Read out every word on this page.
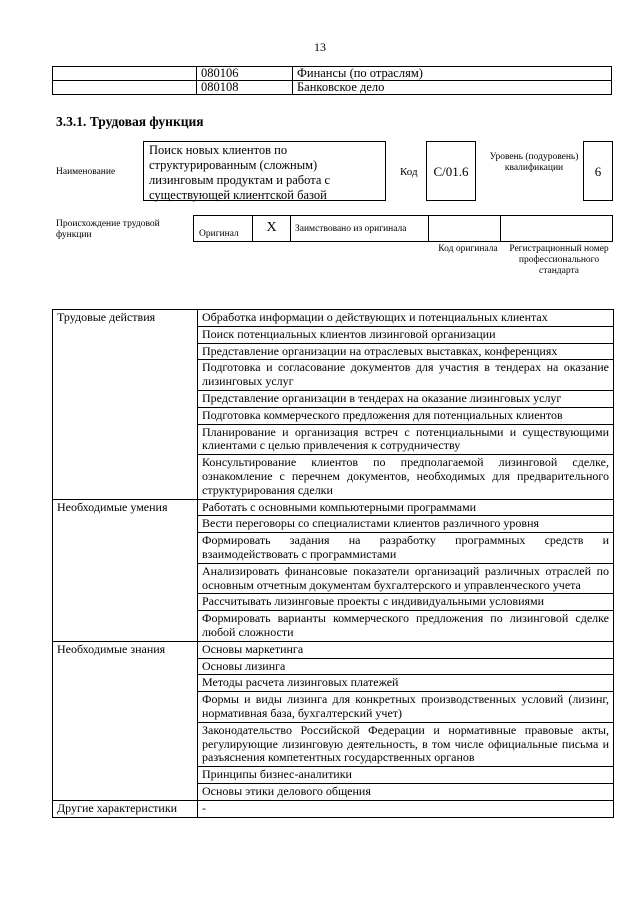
13
	080106	Финансы (по отраслям)
	080108	Банковское дело
3.3.1. Трудовая функция
Наименование
Поиск новых клиентов по структурированным (сложным) лизинговым продуктам и работа с существующей клиентской базой
Код	C/01.6
Уровень (подуровень) квалификации	6
Происхождение трудовой функции	Оригинал	X	Заимствовано из оригинала
Код оригинала	Регистрационный номер профессионального стандарта
Трудовые действия	Обработка информации о действующих и потенциальных клиентах
	Поиск потенциальных клиентов лизинговой организации
	Представление организации на отраслевых выставках, конференциях
	Подготовка и согласование документов для участия в тендерах на оказание лизинговых услуг
	Представление организации в тендерах на оказание лизинговых услуг
	Подготовка коммерческого предложения для потенциальных клиентов
	Планирование и организация встреч с потенциальными и существующими клиентами с целью привлечения к сотрудничеству
	Консультирование клиентов по предполагаемой лизинговой сделке, ознакомление с перечнем документов, необходимых для предварительного структурирования сделки
Необходимые умения	Работать с основными компьютерными программами
	Вести переговоры со специалистами клиентов различного уровня
	Формировать задания на разработку программных средств и взаимодействовать с программистами
	Анализировать финансовые показатели организаций различных отраслей по основным отчетным документам бухгалтерского и управленческого учета
	Рассчитывать лизинговые проекты с индивидуальными условиями
	Формировать варианты коммерческого предложения по лизинговой сделке любой сложности
Необходимые знания	Основы маркетинга
	Основы лизинга
	Методы расчета лизинговых платежей
	Формы и виды лизинга для конкретных производственных условий (лизинг, нормативная база, бухгалтерский учет)
	Законодательство Российской Федерации и нормативные правовые акты, регулирующие лизинговую деятельность, в том числе официальные письма и разъяснения компетентных государственных органов
	Принципы бизнес-аналитики
	Основы этики делового общения
Другие характеристики	-
